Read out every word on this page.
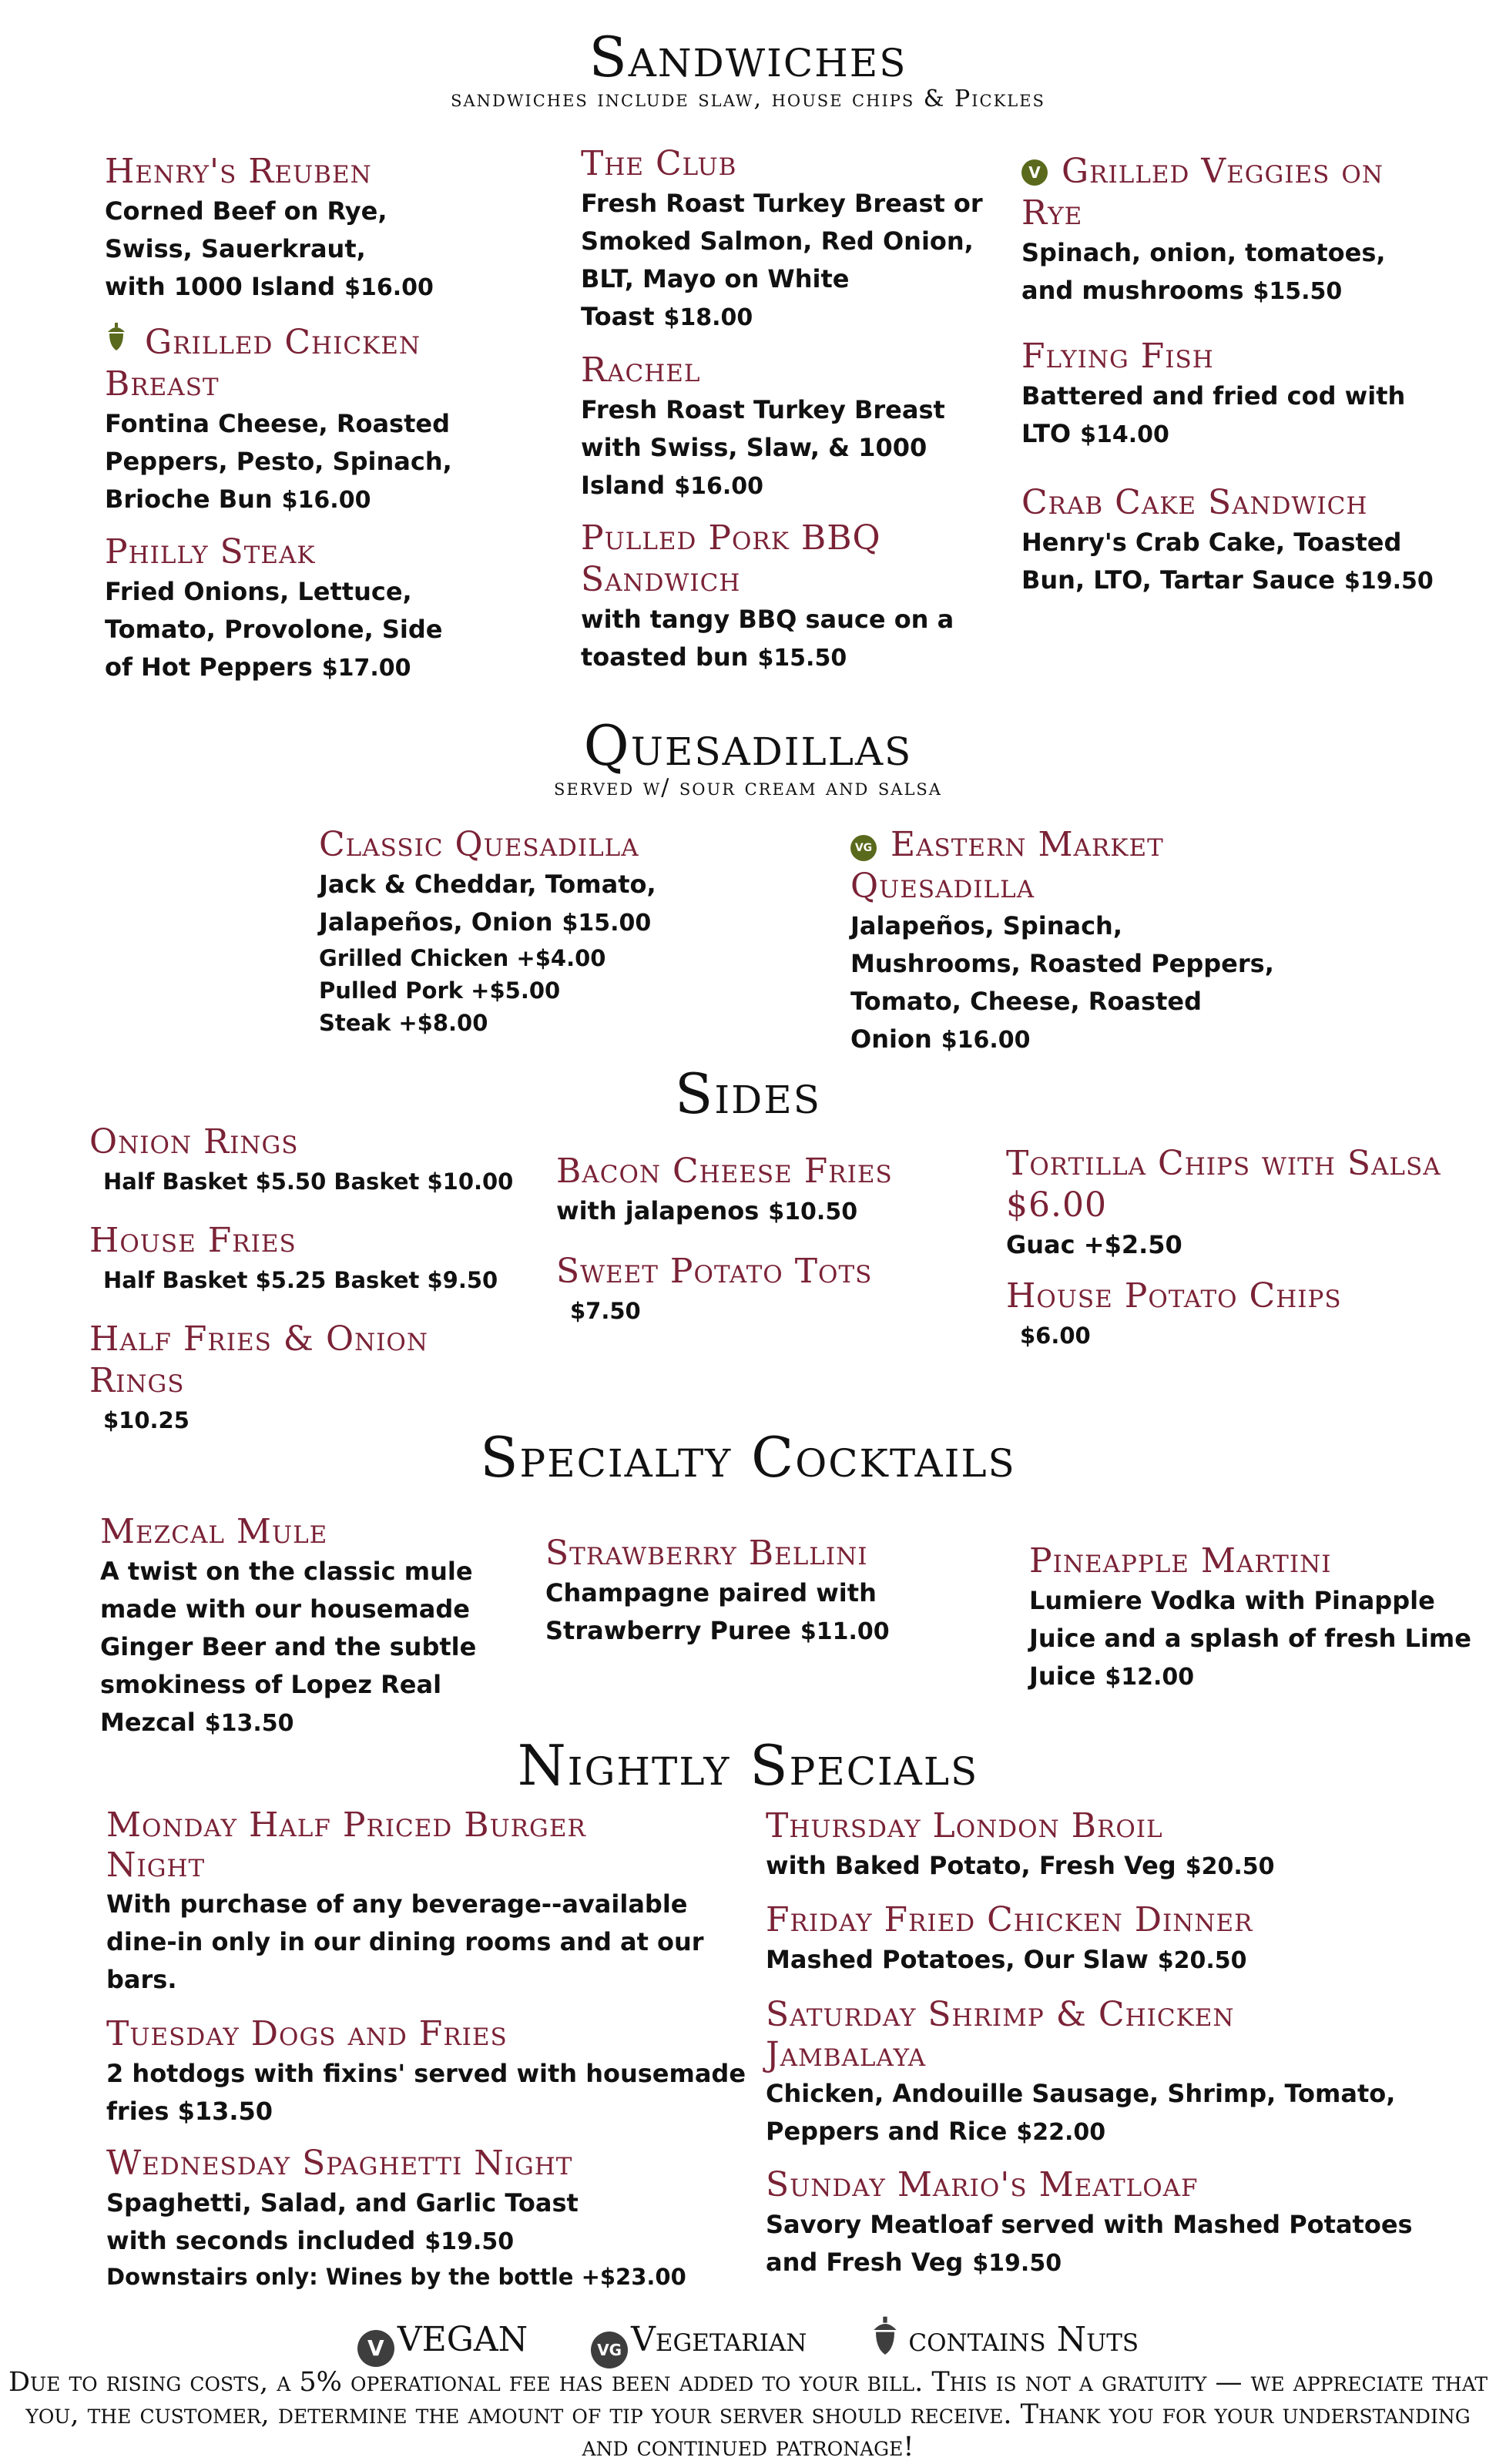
Sandwiches
sandwiches include slaw, house chips & Pickles
Henry's Reuben
Corned Beef on Rye,
Swiss, Sauerkraut,
with 1000 Island $16.00
Grilled Chicken Breast
Fontina Cheese, Roasted
Peppers, Pesto, Spinach,
Brioche Bun $16.00
Philly Steak
Fried Onions, Lettuce,
Tomato, Provolone, Side
of Hot Peppers $17.00
The Club
Fresh Roast Turkey Breast or
Smoked Salmon, Red Onion,
BLT, Mayo on White
Toast $18.00
Rachel
Fresh Roast Turkey Breast
with Swiss, Slaw, & 1000
Island $16.00
Pulled Pork BBQ Sandwich
with tangy BBQ sauce on a
toasted bun $15.50
V Grilled Veggies on Rye
Spinach, onion, tomatoes,
and mushrooms $15.50
Flying Fish
Battered and fried cod with
LTO $14.00
Crab Cake Sandwich
Henry's Crab Cake, Toasted
Bun, LTO, Tartar Sauce $19.50
Quesadillas
served w/ sour cream and salsa
Classic Quesadilla
Jack & Cheddar, Tomato,
Jalapeños, Onion $15.00
Grilled Chicken +$4.00
Pulled Pork +$5.00
Steak +$8.00
VG Eastern Market Quesadilla
Jalapeños, Spinach,
Mushrooms, Roasted Peppers,
Tomato, Cheese, Roasted
Onion $16.00
Sides
Onion Rings
Half Basket $5.50 Basket $10.00
House Fries
Half Basket $5.25 Basket $9.50
Half Fries & Onion Rings
$10.25
Bacon Cheese Fries
with jalapenos $10.50
Sweet Potato Tots
$7.50
Tortilla Chips with Salsa $6.00
Guac +$2.50
House Potato Chips
$6.00
Specialty Cocktails
Mezcal Mule
A twist on the classic mule
made with our housemade
Ginger Beer and the subtle
smokiness of Lopez Real
Mezcal $13.50
Strawberry Bellini
Champagne paired with
Strawberry Puree $11.00
Pineapple Martini
Lumiere Vodka with Pinapple
Juice and a splash of fresh Lime
Juice $12.00
Nightly Specials
Monday Half Priced Burger Night
With purchase of any beverage--available
dine-in only in our dining rooms and at our
bars.
Tuesday Dogs and Fries
2 hotdogs with fixins' served with housemade
fries $13.50
Wednesday Spaghetti Night
Spaghetti, Salad, and Garlic Toast
with seconds included $19.50
Downstairs only: Wines by the bottle +$23.00
Thursday London Broil
with Baked Potato, Fresh Veg $20.50
Friday Fried Chicken Dinner
Mashed Potatoes, Our Slaw $20.50
Saturday Shrimp & Chicken Jambalaya
Chicken, Andouille Sausage, Shrimp, Tomato,
Peppers and Rice $22.00
Sunday Mario's Meatloaf
Savory Meatloaf served with Mashed Potatoes
and Fresh Veg $19.50
V VEGAN	VG Vegetarian	contains Nuts
Due to rising costs, a 5% operational fee has been added to your bill. This is not a gratuity — we appreciate that you, the customer, determine the amount of tip your server should receive. Thank you for your understanding and continued patronage!
